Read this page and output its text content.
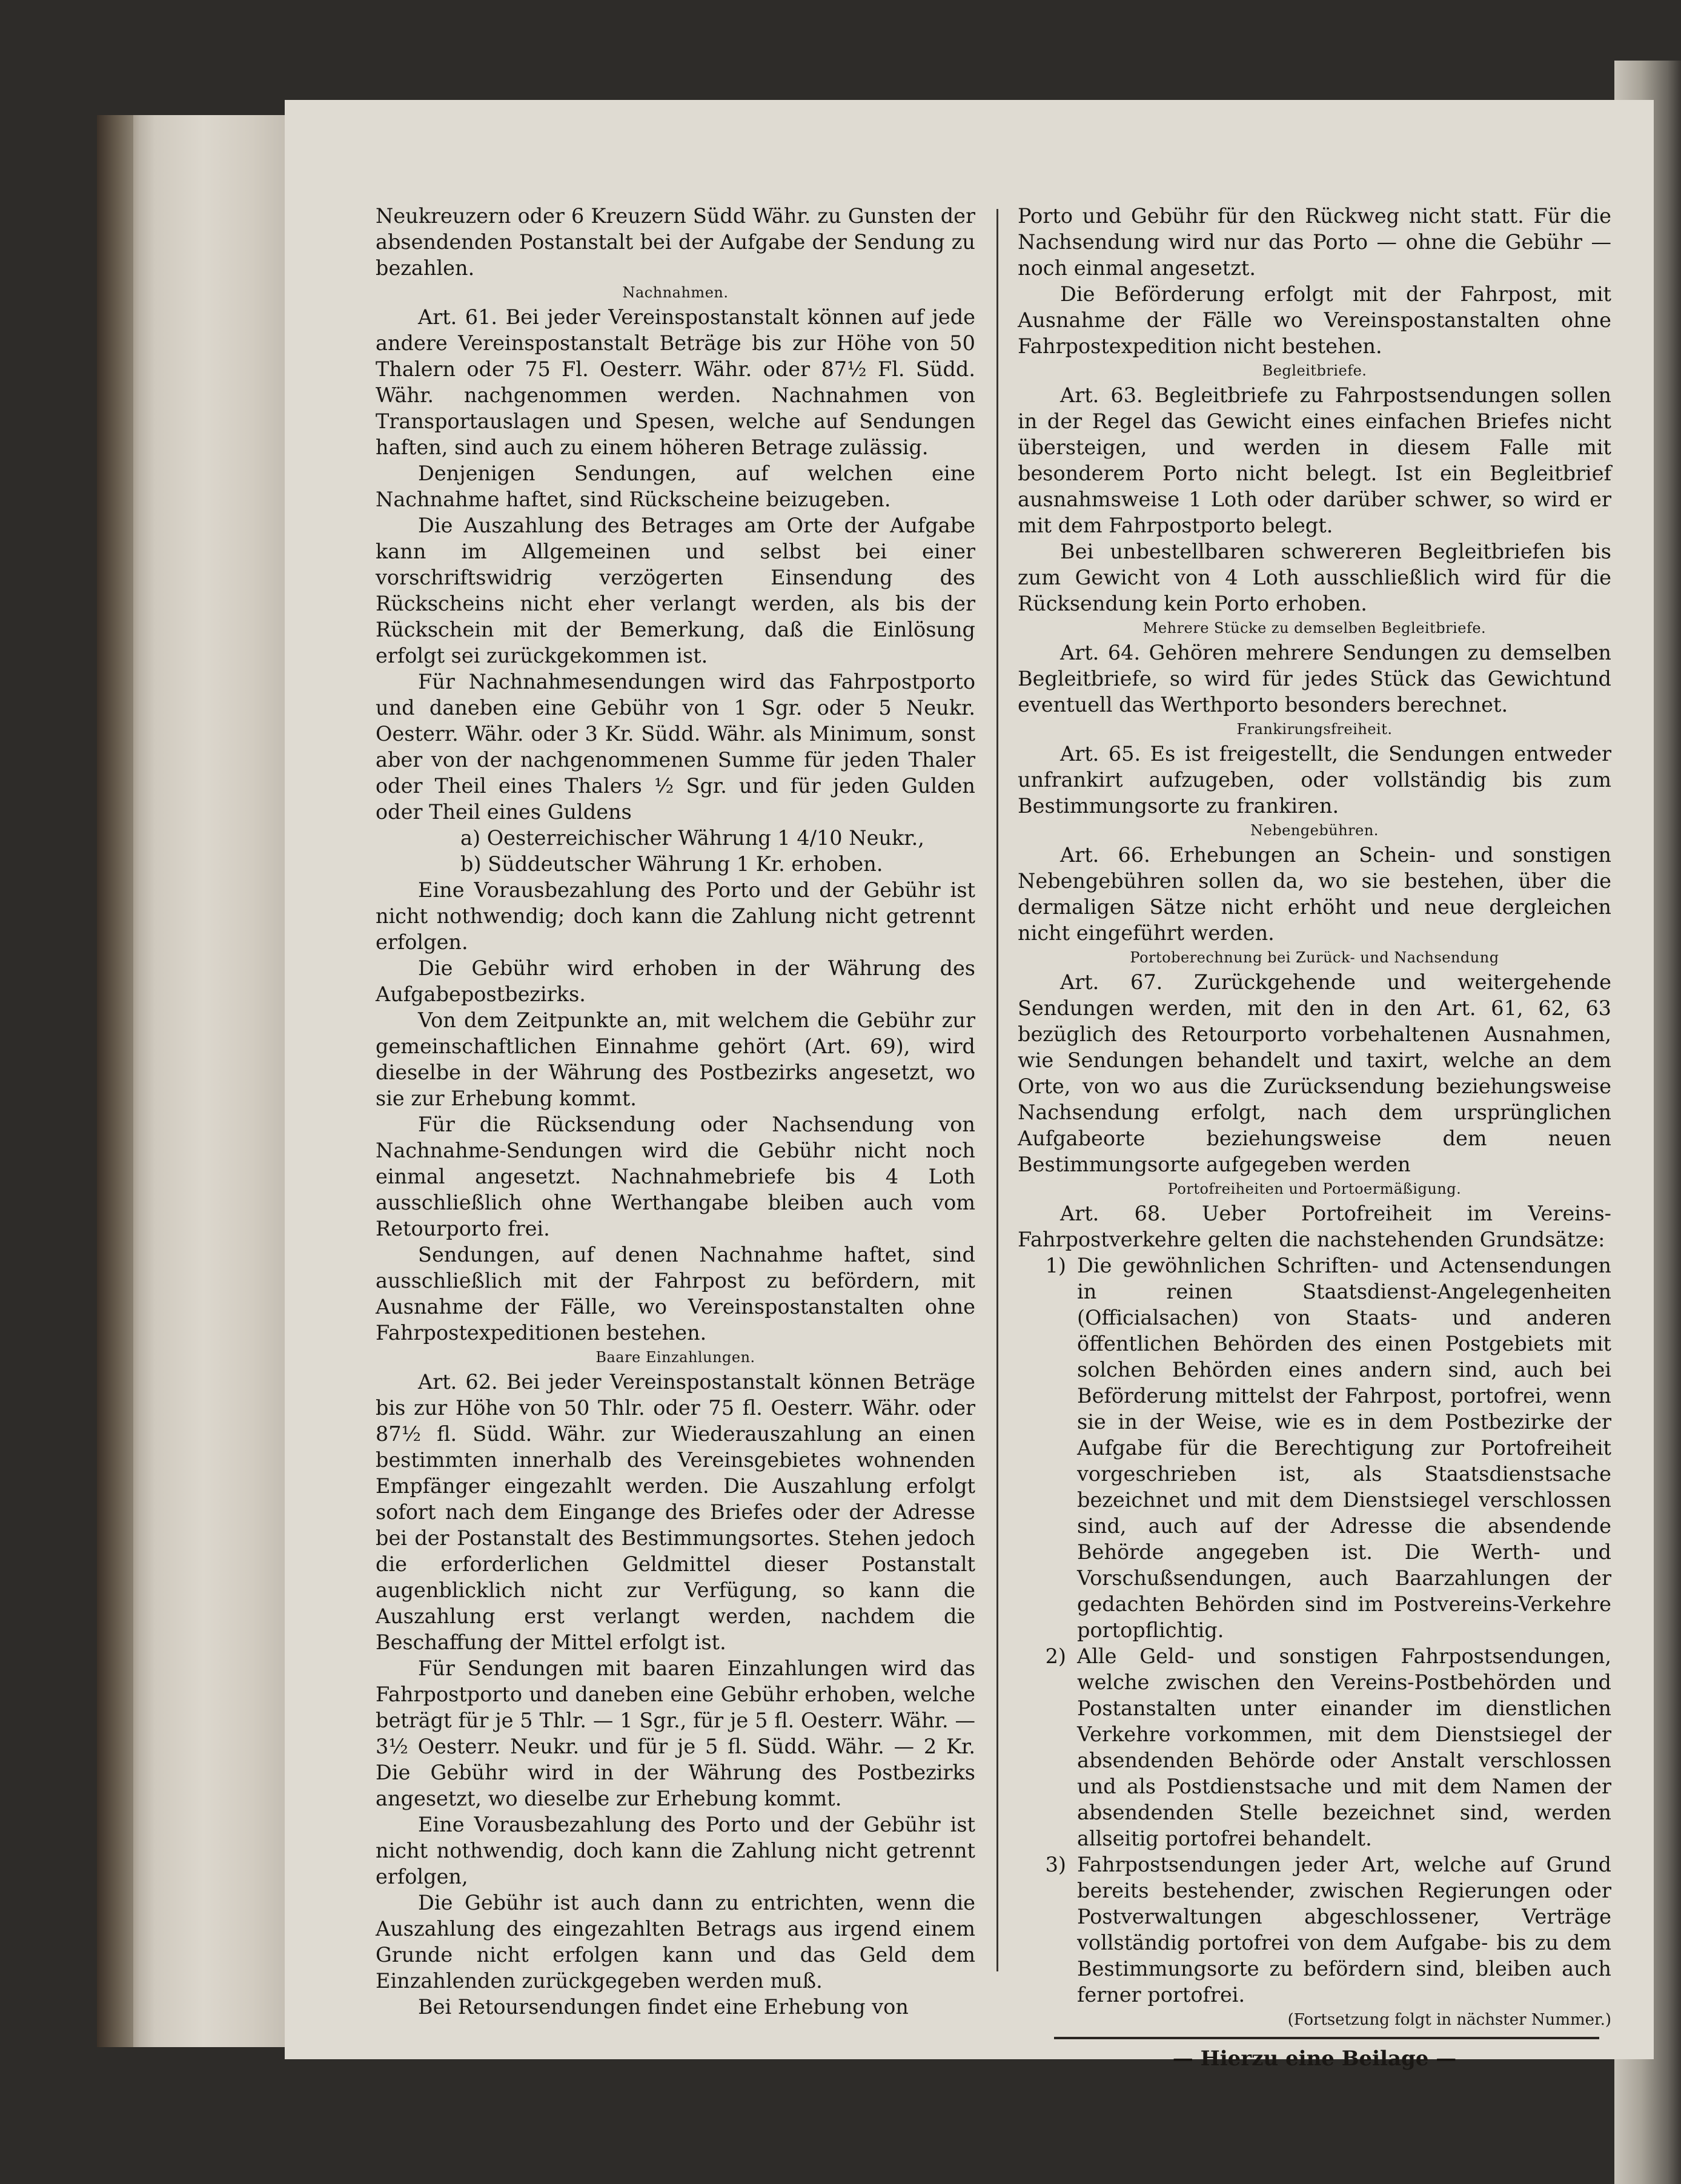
Neukreuzern oder 6 Kreuzern Südd Währ. zu Gunsten der absendenden Postanstalt bei der Aufgabe der Sendung zu bezahlen.

Nachnahmen.

Art. 61. Bei jeder Vereinspostanstalt können auf jede andere Vereinspostanstalt Beträge bis zur Höhe von 50 Thalern oder 75 Fl. Oesterr. Währ. oder 87½ Fl. Südd. Währ. nachgenommen werden. Nachnahmen von Transportauslagen und Spesen, welche auf Sendungen haften, sind auch zu einem höheren Betrage zulässig.

Denjenigen Sendungen, auf welchen eine Nachnahme haftet, sind Rückscheine beizugeben.

Die Auszahlung des Betrages am Orte der Aufgabe kann im Allgemeinen und selbst bei einer vorschriftswidrig verzögerten Einsendung des Rückscheins nicht eher verlangt werden, als bis der Rückschein mit der Bemerkung, daß die Einlösung erfolgt sei zurückgekommen ist.

Für Nachnahmesendungen wird das Fahrpostporto und daneben eine Gebühr von 1 Sgr. oder 5 Neukr. Oesterr. Währ. oder 3 Kr. Südd. Währ. als Minimum, sonst aber von der nachgenommenen Summe für jeden Thaler oder Theil eines Thalers ½ Sgr. und für jeden Gulden oder Theil eines Guldens

a) Oesterreichischer Währung 1 4/10 Neukr.,

b) Süddeutscher Währung 1 Kr. erhoben.

Eine Vorausbezahlung des Porto und der Gebühr ist nicht nothwendig; doch kann die Zahlung nicht getrennt erfolgen.

Die Gebühr wird erhoben in der Währung des Aufgabepostbezirks.

Von dem Zeitpunkte an, mit welchem die Gebühr zur gemeinschaftlichen Einnahme gehört (Art. 69), wird dieselbe in der Währung des Postbezirks angesetzt, wo sie zur Erhebung kommt.

Für die Rücksendung oder Nachsendung von Nachnahme-Sendungen wird die Gebühr nicht noch einmal angesetzt. Nachnahmebriefe bis 4 Loth ausschließlich ohne Werthangabe bleiben auch vom Retourporto frei.

Sendungen, auf denen Nachnahme haftet, sind ausschließlich mit der Fahrpost zu befördern, mit Ausnahme der Fälle, wo Vereinspostanstalten ohne Fahrpostexpeditionen bestehen.

Baare Einzahlungen.

Art. 62. Bei jeder Vereinspostanstalt können Beträge bis zur Höhe von 50 Thlr. oder 75 fl. Oesterr. Währ. oder 87½ fl. Südd. Währ. zur Wiederauszahlung an einen bestimmten innerhalb des Vereinsgebietes wohnenden Empfänger eingezahlt werden. Die Auszahlung erfolgt sofort nach dem Eingange des Briefes oder der Adresse bei der Postanstalt des Bestimmungsortes. Stehen jedoch die erforderlichen Geldmittel dieser Postanstalt augenblicklich nicht zur Verfügung, so kann die Auszahlung erst verlangt werden, nachdem die Beschaffung der Mittel erfolgt ist.

Für Sendungen mit baaren Einzahlungen wird das Fahrpostporto und daneben eine Gebühr erhoben, welche beträgt für je 5 Thlr. — 1 Sgr., für je 5 fl. Oesterr. Währ. — 3½ Oesterr. Neukr. und für je 5 fl. Südd. Währ. — 2 Kr. Die Gebühr wird in der Währung des Postbezirks angesetzt, wo dieselbe zur Erhebung kommt.

Eine Vorausbezahlung des Porto und der Gebühr ist nicht nothwendig, doch kann die Zahlung nicht getrennt erfolgen,

Die Gebühr ist auch dann zu entrichten, wenn die Auszahlung des eingezahlten Betrags aus irgend einem Grunde nicht erfolgen kann und das Geld dem Einzahlenden zurückgegeben werden muß.

Bei Retoursendungen findet eine Erhebung von

Porto und Gebühr für den Rückweg nicht statt. Für die Nachsendung wird nur das Porto — ohne die Gebühr — noch einmal angesetzt.

Die Beförderung erfolgt mit der Fahrpost, mit Ausnahme der Fälle wo Vereinspostanstalten ohne Fahrpostexpedition nicht bestehen.

Begleitbriefe.

Art. 63. Begleitbriefe zu Fahrpostsendungen sollen in der Regel das Gewicht eines einfachen Briefes nicht übersteigen, und werden in diesem Falle mit besonderem Porto nicht belegt. Ist ein Begleitbrief ausnahmsweise 1 Loth oder darüber schwer, so wird er mit dem Fahrpostporto belegt.

Bei unbestellbaren schwereren Begleitbriefen bis zum Gewicht von 4 Loth ausschließlich wird für die Rücksendung kein Porto erhoben.

Mehrere Stücke zu demselben Begleitbriefe.

Art. 64. Gehören mehrere Sendungen zu demselben Begleitbriefe, so wird für jedes Stück das Gewichtund eventuell das Werthporto besonders berechnet.

Frankirungsfreiheit.

Art. 65. Es ist freigestellt, die Sendungen entweder unfrankirt aufzugeben, oder vollständig bis zum Bestimmungsorte zu frankiren.

Nebengebühren.

Art. 66. Erhebungen an Schein- und sonstigen Nebengebühren sollen da, wo sie bestehen, über die dermaligen Sätze nicht erhöht und neue dergleichen nicht eingeführt werden.

Portoberechnung bei Zurück- und Nachsendung

Art. 67. Zurückgehende und weitergehende Sendungen werden, mit den in den Art. 61, 62, 63 bezüglich des Retourporto vorbehaltenen Ausnahmen, wie Sendungen behandelt und taxirt, welche an dem Orte, von wo aus die Zurücksendung beziehungsweise Nachsendung erfolgt, nach dem ursprünglichen Aufgabeorte beziehungsweise dem neuen Bestimmungsorte aufgegeben werden

Portofreiheiten und Portoermäßigung.

Art. 68. Ueber Portofreiheit im Vereins-Fahrpostverkehre gelten die nachstehenden Grundsätze:

1) Die gewöhnlichen Schriften- und Actensendungen in reinen Staatsdienst-Angelegenheiten (Officialsachen) von Staats- und anderen öffentlichen Behörden des einen Postgebiets mit solchen Behörden eines andern sind, auch bei Beförderung mittelst der Fahrpost, portofrei, wenn sie in der Weise, wie es in dem Postbezirke der Aufgabe für die Berechtigung zur Portofreiheit vorgeschrieben ist, als Staatsdienstsache bezeichnet und mit dem Dienstsiegel verschlossen sind, auch auf der Adresse die absendende Behörde angegeben ist. Die Werth- und Vorschußsendungen, auch Baarzahlungen der gedachten Behörden sind im Postvereins-Verkehre portopflichtig.
2) Alle Geld- und sonstigen Fahrpostsendungen, welche zwischen den Vereins-Postbehörden und Postanstalten unter einander im dienstlichen Verkehre vorkommen, mit dem Dienstsiegel der absendenden Behörde oder Anstalt verschlossen und als Postdienstsache und mit dem Namen der absendenden Stelle bezeichnet sind, werden allseitig portofrei behandelt.
3) Fahrpostsendungen jeder Art, welche auf Grund bereits bestehender, zwischen Regierungen oder Postverwaltungen abgeschlossener, Verträge vollständig portofrei von dem Aufgabe- bis zu dem Bestimmungsorte zu befördern sind, bleiben auch ferner portofrei.

(Fortsetzung folgt in nächster Nummer.)

— Hierzu eine Beilage —
